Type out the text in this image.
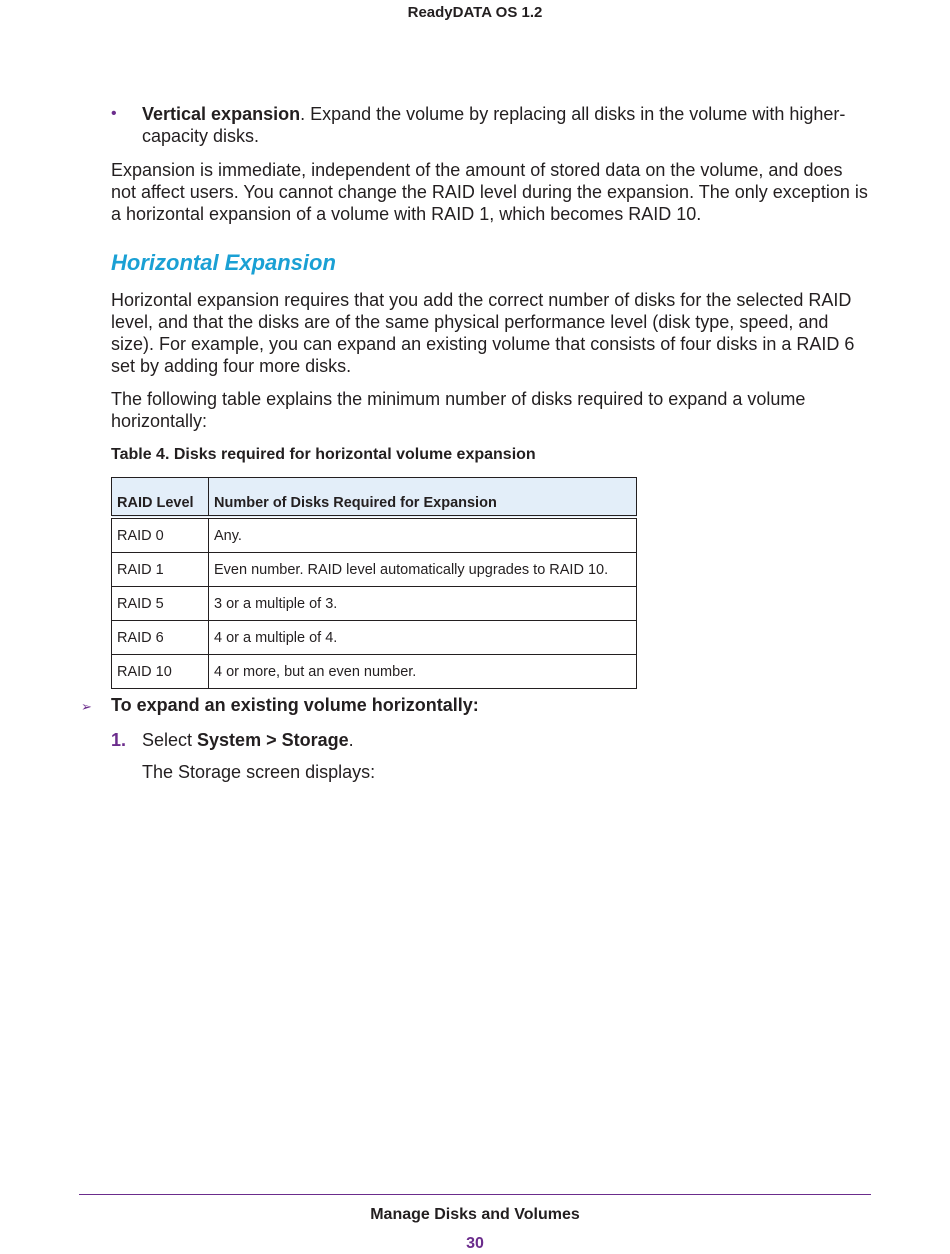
ReadyDATA OS 1.2
• Vertical expansion. Expand the volume by replacing all disks in the volume with higher-capacity disks.
Expansion is immediate, independent of the amount of stored data on the volume, and does not affect users. You cannot change the RAID level during the expansion. The only exception is a horizontal expansion of a volume with RAID 1, which becomes RAID 10.
Horizontal Expansion
Horizontal expansion requires that you add the correct number of disks for the selected RAID level, and that the disks are of the same physical performance level (disk type, speed, and size). For example, you can expand an existing volume that consists of four disks in a RAID 6 set by adding four more disks.
The following table explains the minimum number of disks required to expand a volume horizontally:
Table 4. Disks required for horizontal volume expansion
RAID Level	Number of Disks Required for Expansion
RAID 0	Any.
RAID 1	Even number. RAID level automatically upgrades to RAID 10.
RAID 5	3 or a multiple of 3.
RAID 6	4 or a multiple of 4.
RAID 10	4 or more, but an even number.
➢ To expand an existing volume horizontally:
1. Select System > Storage.
The Storage screen displays:
Manage Disks and Volumes
30
